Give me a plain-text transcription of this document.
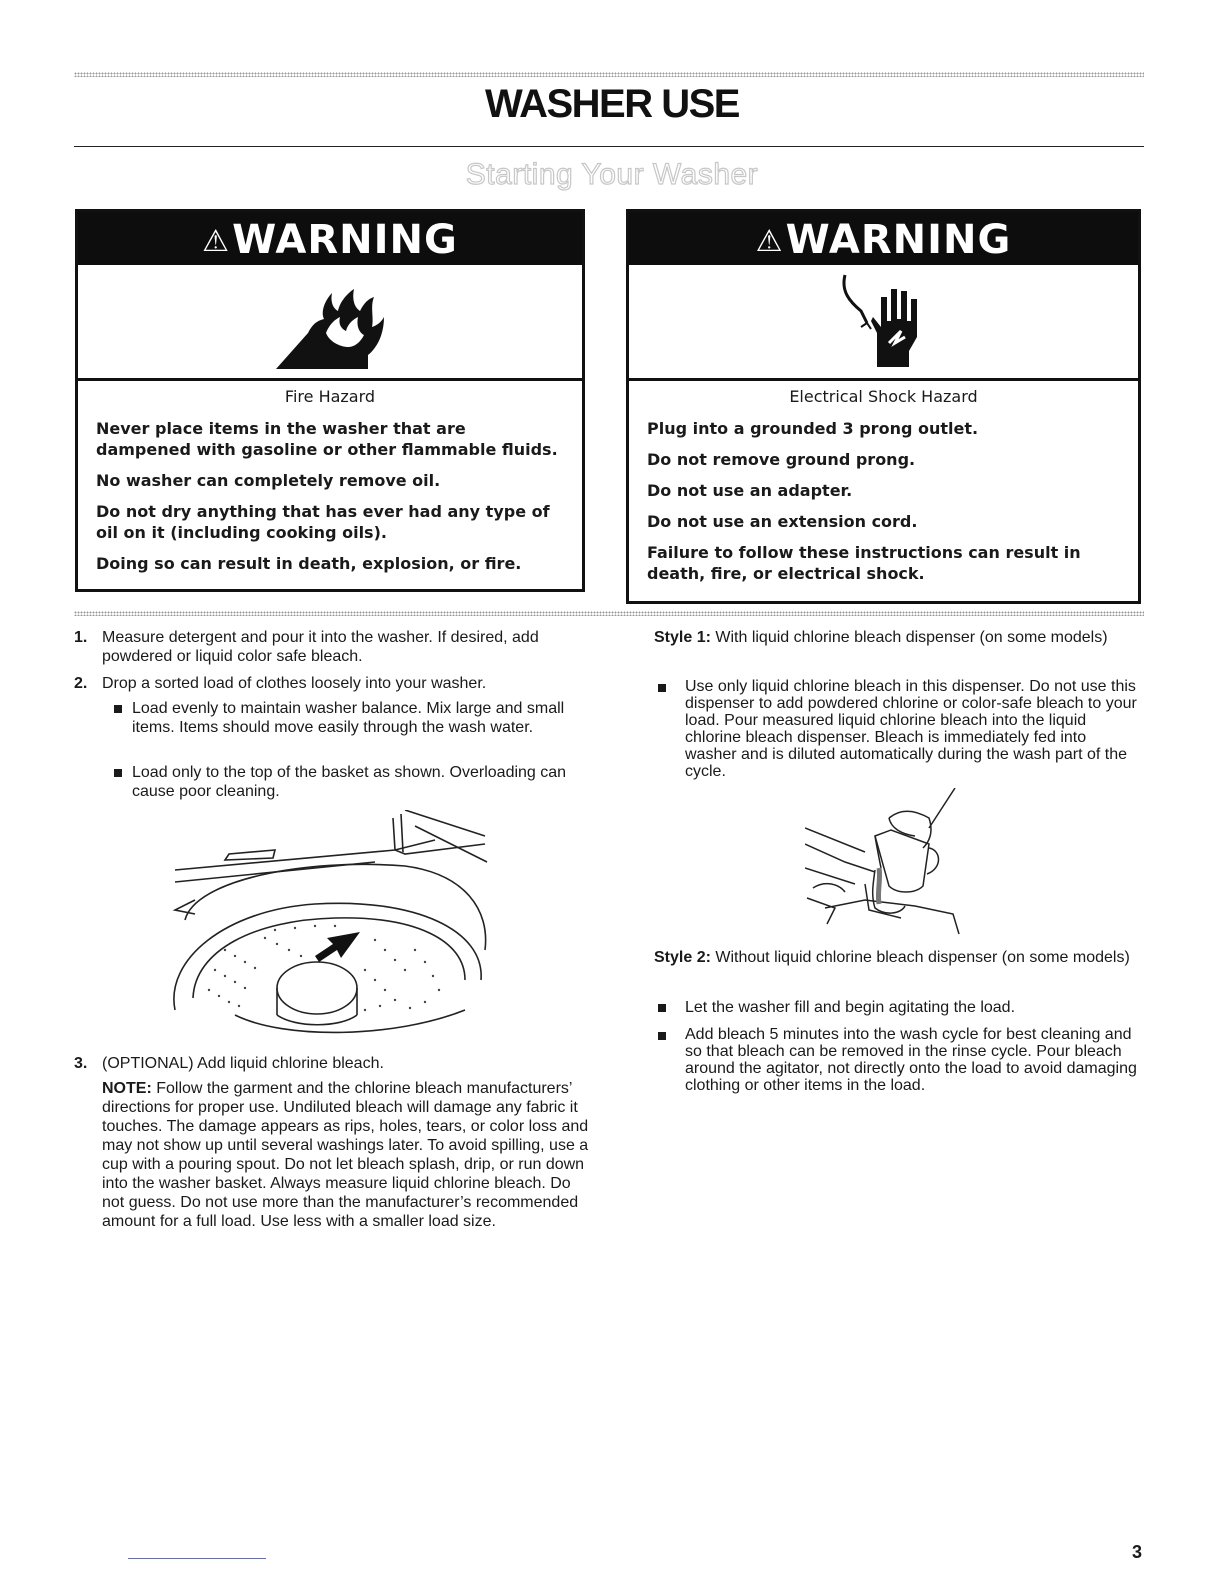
WASHER USE
Starting Your Washer
⚠WARNING
Fire Hazard

Never place items in the washer that are dampened with gasoline or other flammable fluids.

No washer can completely remove oil.

Do not dry anything that has ever had any type of oil on it (including cooking oils).

Doing so can result in death, explosion, or fire.

⚠WARNING
Electrical Shock Hazard

Plug into a grounded 3 prong outlet.

Do not remove ground prong.

Do not use an adapter.

Do not use an extension cord.

Failure to follow these instructions can result in death, fire, or electrical shock.

1. Measure detergent and pour it into the washer. If desired, add powdered or liquid color safe bleach.

2. Drop a sorted load of clothes loosely into your washer.

Load evenly to maintain washer balance. Mix large and small items. Items should move easily through the wash water.

Load only to the top of the basket as shown. Overloading can cause poor cleaning.

3. (OPTIONAL) Add liquid chlorine bleach.

NOTE: Follow the garment and the chlorine bleach manufacturers’ directions for proper use. Undiluted bleach will damage any fabric it touches. The damage appears as rips, holes, tears, or color loss and may not show up until several washings later. To avoid spilling, use a cup with a pouring spout. Do not let bleach splash, drip, or run down into the washer basket. Always measure liquid chlorine bleach. Do not guess. Do not use more than the manufacturer’s recommended amount for a full load. Use less with a smaller load size.

Style 1: With liquid chlorine bleach dispenser (on some models)

Use only liquid chlorine bleach in this dispenser. Do not use this dispenser to add powdered chlorine or color-safe bleach to your load. Pour measured liquid chlorine bleach into the liquid chlorine bleach dispenser. Bleach is immediately fed into washer and is diluted automatically during the wash part of the cycle.

Style 2: Without liquid chlorine bleach dispenser (on some models)

Let the washer fill and begin agitating the load.

Add bleach 5 minutes into the wash cycle for best cleaning and so that bleach can be removed in the rinse cycle. Pour bleach around the agitator, not directly onto the load to avoid damaging clothing or other items in the load.

3
